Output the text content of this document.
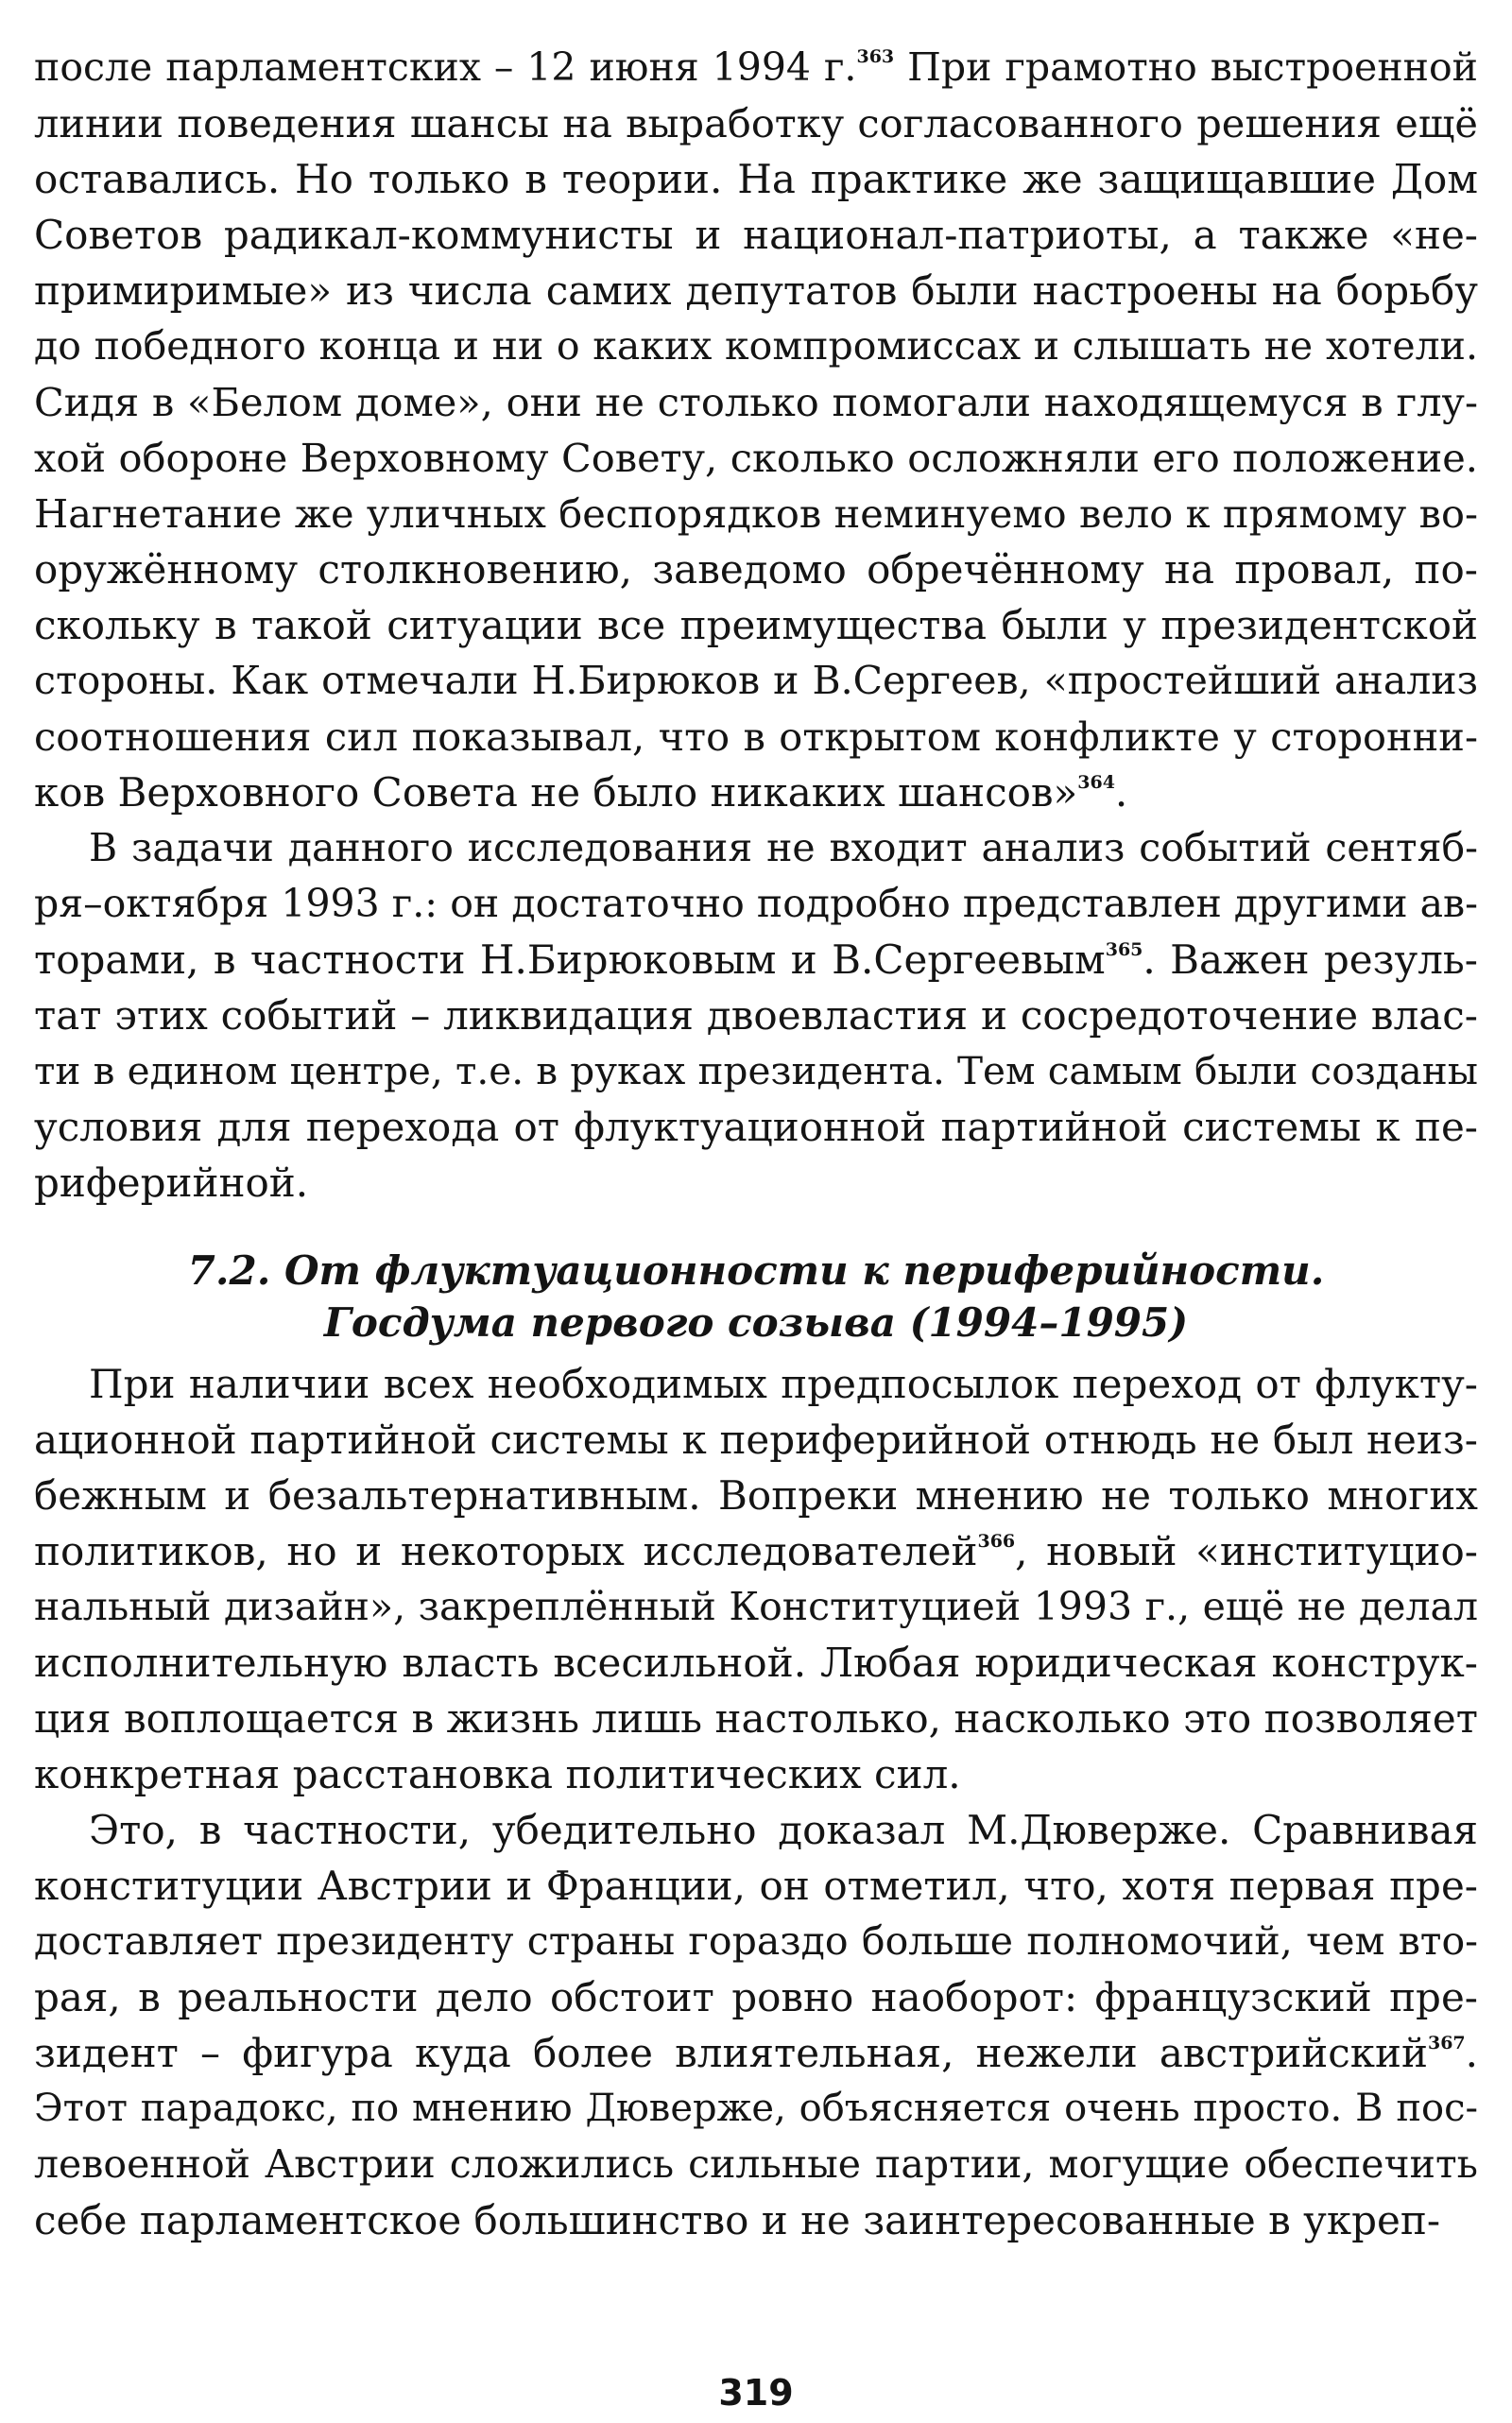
после парламентских – 12 июня 1994 г.$^{363}$ При грамотно выстроенной
линии поведения шансы на выработку согласованного решения ещё
оставались. Но только в теории. На практике же защищавшие Дом
Советов радикал-коммунисты и национал-патриоты, а также «не-
примиримые» из числа самих депутатов были настроены на борьбу
до победного конца и ни о каких компромиссах и слышать не хотели.
Сидя в «Белом доме», они не столько помогали находящемуся в глу-
хой обороне Верховному Совету, сколько осложняли его положение.
Нагнетание же уличных беспорядков неминуемо вело к прямому во-
оружённому столкновению, заведомо обречённому на провал, по-
скольку в такой ситуации все преимущества были у президентской
стороны. Как отмечали Н.Бирюков и В.Сергеев, «простейший анализ
соотношения сил показывал, что в открытом конфликте у сторонни-
ков Верховного Совета не было никаких шансов»$^{364}$.
В задачи данного исследования не входит анализ событий сентяб-
ря–октября 1993 г.: он достаточно подробно представлен другими ав-
торами, в частности Н.Бирюковым и В.Сергеевым$^{365}$. Важен резуль-
тат этих событий – ликвидация двоевластия и сосредоточение влас-
ти в едином центре, т.е. в руках президента. Тем самым были созданы
условия для перехода от флуктуационной партийной системы к пе-
риферийной.
7.2. От флуктуационности к периферийности.
Госдума первого созыва (1994–1995)
При наличии всех необходимых предпосылок переход от флукту-
ационной партийной системы к периферийной отнюдь не был неиз-
бежным и безальтернативным. Вопреки мнению не только многих
политиков, но и некоторых исследователей$^{366}$, новый «институцио-
нальный дизайн», закреплённый Конституцией 1993 г., ещё не делал
исполнительную власть всесильной. Любая юридическая конструк-
ция воплощается в жизнь лишь настолько, насколько это позволяет
конкретная расстановка политических сил.
Это, в частности, убедительно доказал М.Дюверже. Сравнивая
конституции Австрии и Франции, он отметил, что, хотя первая пре-
доставляет президенту страны гораздо больше полномочий, чем вто-
рая, в реальности дело обстоит ровно наоборот: французский пре-
зидент – фигура куда более влиятельная, нежели австрийский$^{367}$.
Этот парадокс, по мнению Дюверже, объясняется очень просто. В пос-
левоенной Австрии сложились сильные партии, могущие обеспечить
себе парламентское большинство и не заинтересованные в укреп-
319
